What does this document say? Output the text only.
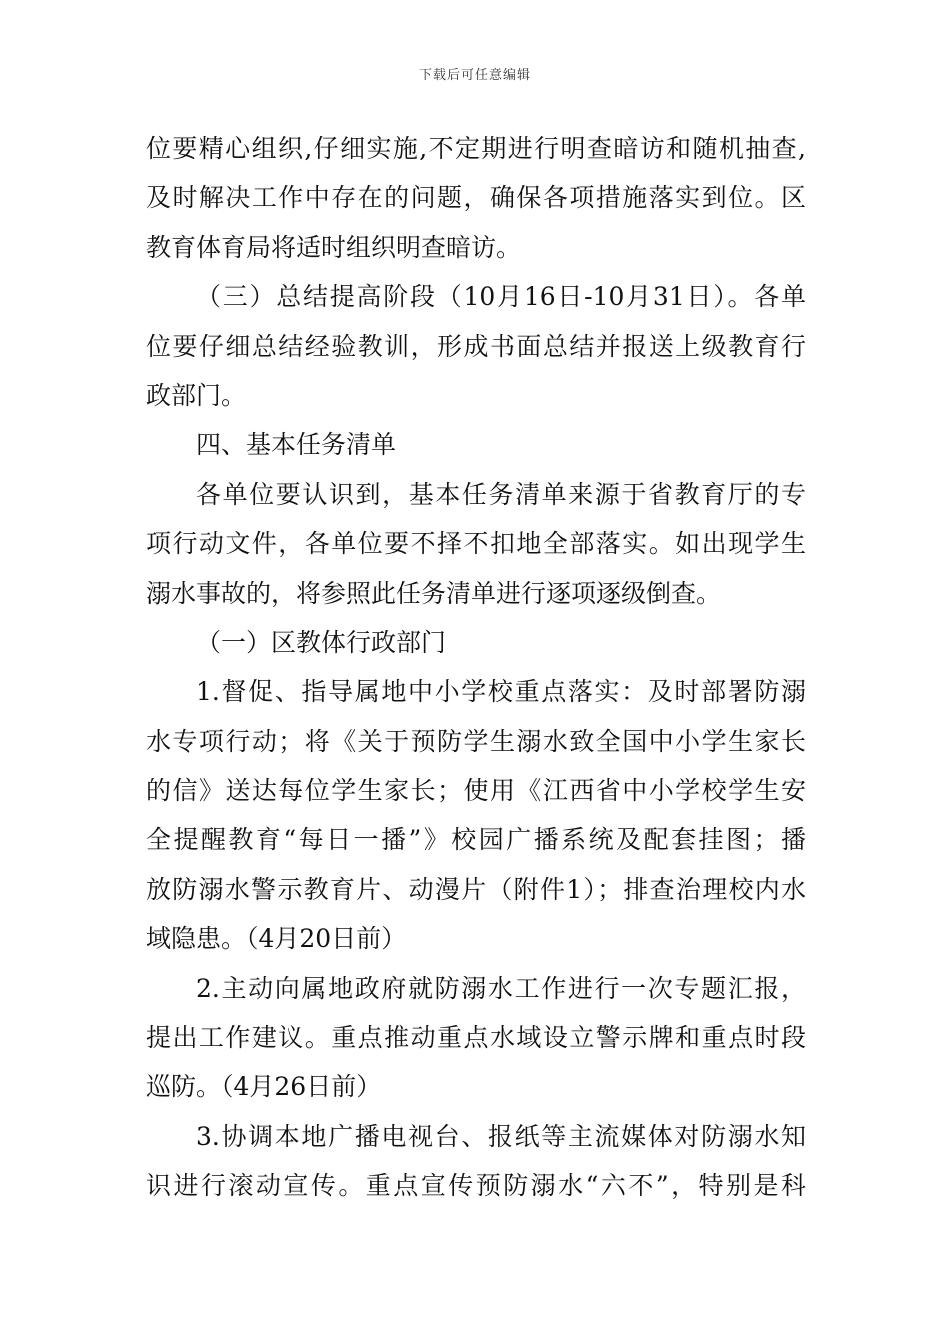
下载后可任意编辑
位要精心组织,仔细实施,不定期进行明查暗访和随机抽查,
及时解决工作中存在的问题，确保各项措施落实到位。区
教育体育局将适时组织明查暗访。
（三）总结提高阶段（10月16日-10月31日）。各单
位要仔细总结经验教训，形成书面总结并报送上级教育行
政部门。
四、基本任务清单
各单位要认识到，基本任务清单来源于省教育厅的专
项行动文件，各单位要不择不扣地全部落实。如出现学生
溺水事故的，将参照此任务清单进行逐项逐级倒查。
（一）区教体行政部门
1.督促、指导属地中小学校重点落实：及时部署防溺
水专项行动；将《关于预防学生溺水致全国中小学生家长
的信》送达每位学生家长；使用《江西省中小学校学生安
全提醒教育“每日一播”》校园广播系统及配套挂图；播
放防溺水警示教育片、动漫片（附件1）；排查治理校内水
域隐患。（4月20日前）
2.主动向属地政府就防溺水工作进行一次专题汇报，
提出工作建议。重点推动重点水域设立警示牌和重点时段
巡防。（4月26日前）
3.协调本地广播电视台、报纸等主流媒体对防溺水知
识进行滚动宣传。重点宣传预防溺水“六不”，特别是科
